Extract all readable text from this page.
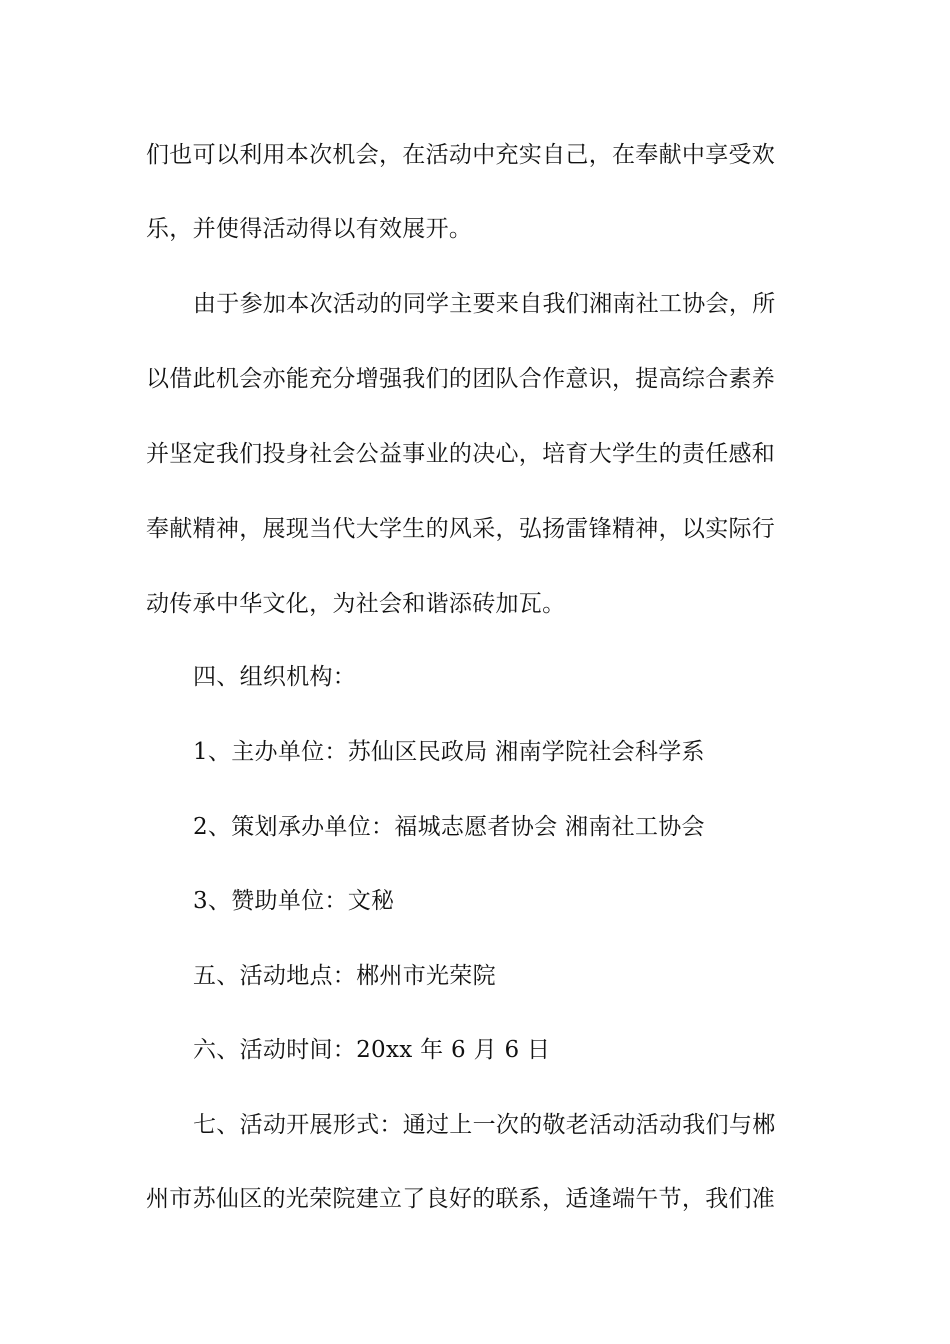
们也可以利用本次机会，在活动中充实自己，在奉献中享受欢
乐，并使得活动得以有效展开。
由于参加本次活动的同学主要来自我们湘南社工协会，所
以借此机会亦能充分增强我们的团队合作意识，提高综合素养
并坚定我们投身社会公益事业的决心，培育大学生的责任感和
奉献精神，展现当代大学生的风采，弘扬雷锋精神，以实际行
动传承中华文化，为社会和谐添砖加瓦。
四、组织机构：
1、主办单位：苏仙区民政局 湘南学院社会科学系
2、策划承办单位：福城志愿者协会 湘南社工协会
3、赞助单位：文秘
五、活动地点：郴州市光荣院
六、活动时间：20xx 年 6 月 6 日
七、活动开展形式：通过上一次的敬老活动活动我们与郴
州市苏仙区的光荣院建立了良好的联系，适逢端午节，我们准
